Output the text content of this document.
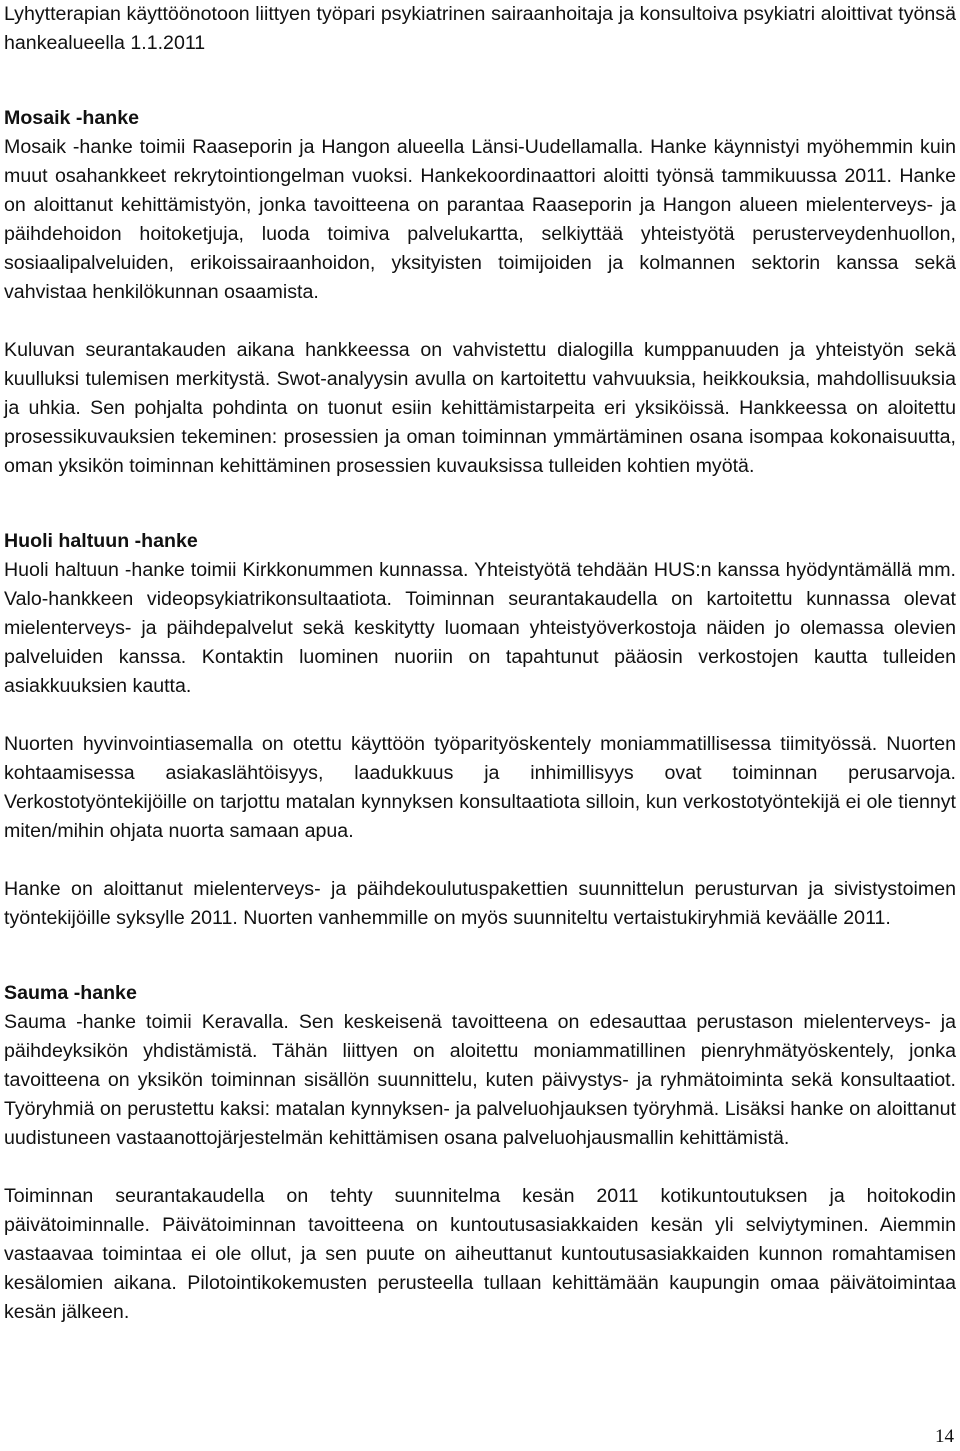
Lyhytterapian käyttöönotoon liittyen työpari psykiatrinen sairaanhoitaja ja konsultoiva psykiatri aloittivat työnsä hankealueella 1.1.2011

Mosaik -hanke

Mosaik -hanke toimii Raaseporin ja Hangon alueella Länsi-Uudellamalla. Hanke käynnistyi myöhemmin kuin muut osahankkeet rekrytointiongelman vuoksi. Hankekoordinaattori aloitti työnsä tammikuussa 2011. Hanke on aloittanut kehittämistyön, jonka tavoitteena on parantaa Raaseporin ja Hangon alueen mielenterveys- ja päihdehoidon hoitoketjuja, luoda toimiva palvelukartta, selkiyttää yhteistyötä perusterveydenhuollon, sosiaalipalveluiden, erikoissairaanhoidon, yksityisten toimijoiden ja kolmannen sektorin kanssa sekä vahvistaa henkilökunnan osaamista.

Kuluvan seurantakauden aikana hankkeessa on vahvistettu dialogilla kumppanuuden ja yhteistyön sekä kuulluksi tulemisen merkitystä. Swot-analyysin avulla on kartoitettu vahvuuksia, heikkouksia, mahdollisuuksia ja uhkia. Sen pohjalta pohdinta on tuonut esiin kehittämistarpeita eri yksiköissä. Hankkeessa on aloitettu prosessikuvauksien tekeminen: prosessien ja oman toiminnan ymmärtäminen osana isompaa kokonaisuutta, oman yksikön toiminnan kehittäminen prosessien kuvauksissa tulleiden kohtien myötä.

Huoli haltuun -hanke

Huoli haltuun -hanke toimii Kirkkonummen kunnassa. Yhteistyötä tehdään HUS:n kanssa hyödyntämällä mm. Valo-hankkeen videopsykiatrikonsultaatiota. Toiminnan seurantakaudella on kartoitettu kunnassa olevat mielenterveys- ja päihdepalvelut sekä keskitytty luomaan yhteistyöverkostoja näiden jo olemassa olevien palveluiden kanssa. Kontaktin luominen nuoriin on tapahtunut pääosin verkostojen kautta tulleiden asiakkuuksien kautta.

Nuorten hyvinvointiasemalla on otettu käyttöön työparityöskentely moniammatillisessa tiimityössä. Nuorten kohtaamisessa asiakaslähtöisyys, laadukkuus ja inhimillisyys ovat toiminnan perusarvoja. Verkostotyöntekijöille on tarjottu matalan kynnyksen konsultaatiota silloin, kun verkostotyöntekijä ei ole tiennyt miten/mihin ohjata nuorta samaan apua.

Hanke on aloittanut mielenterveys- ja päihdekoulutuspakettien suunnittelun perusturvan ja sivistystoimen työntekijöille syksylle 2011. Nuorten vanhemmille on myös suunniteltu vertaistukiryhmiä keväälle 2011.

Sauma -hanke

Sauma -hanke toimii Keravalla. Sen keskeisenä tavoitteena on edesauttaa perustason mielenterveys- ja päihdeyksikön yhdistämistä. Tähän liittyen on aloitettu moniammatillinen pienryhmätyöskentely, jonka tavoitteena on yksikön toiminnan sisällön suunnittelu, kuten päivystys- ja ryhmätoiminta sekä konsultaatiot. Työryhmiä on perustettu kaksi: matalan kynnyksen- ja palveluohjauksen työryhmä. Lisäksi hanke on aloittanut uudistuneen vastaanottojärjestelmän kehittämisen osana palveluohjausmallin kehittämistä.

Toiminnan seurantakaudella on tehty suunnitelma kesän 2011 kotikuntoutuksen ja hoitokodin päivätoiminnalle. Päivätoiminnan tavoitteena on kuntoutusasiakkaiden kesän yli selviytyminen. Aiemmin vastaavaa toimintaa ei ole ollut, ja sen puute on aiheuttanut kuntoutusasiakkaiden kunnon romahtamisen kesälomien aikana. Pilotointikokemusten perusteella tullaan kehittämään kaupungin omaa päivätoimintaa kesän jälkeen.

14
